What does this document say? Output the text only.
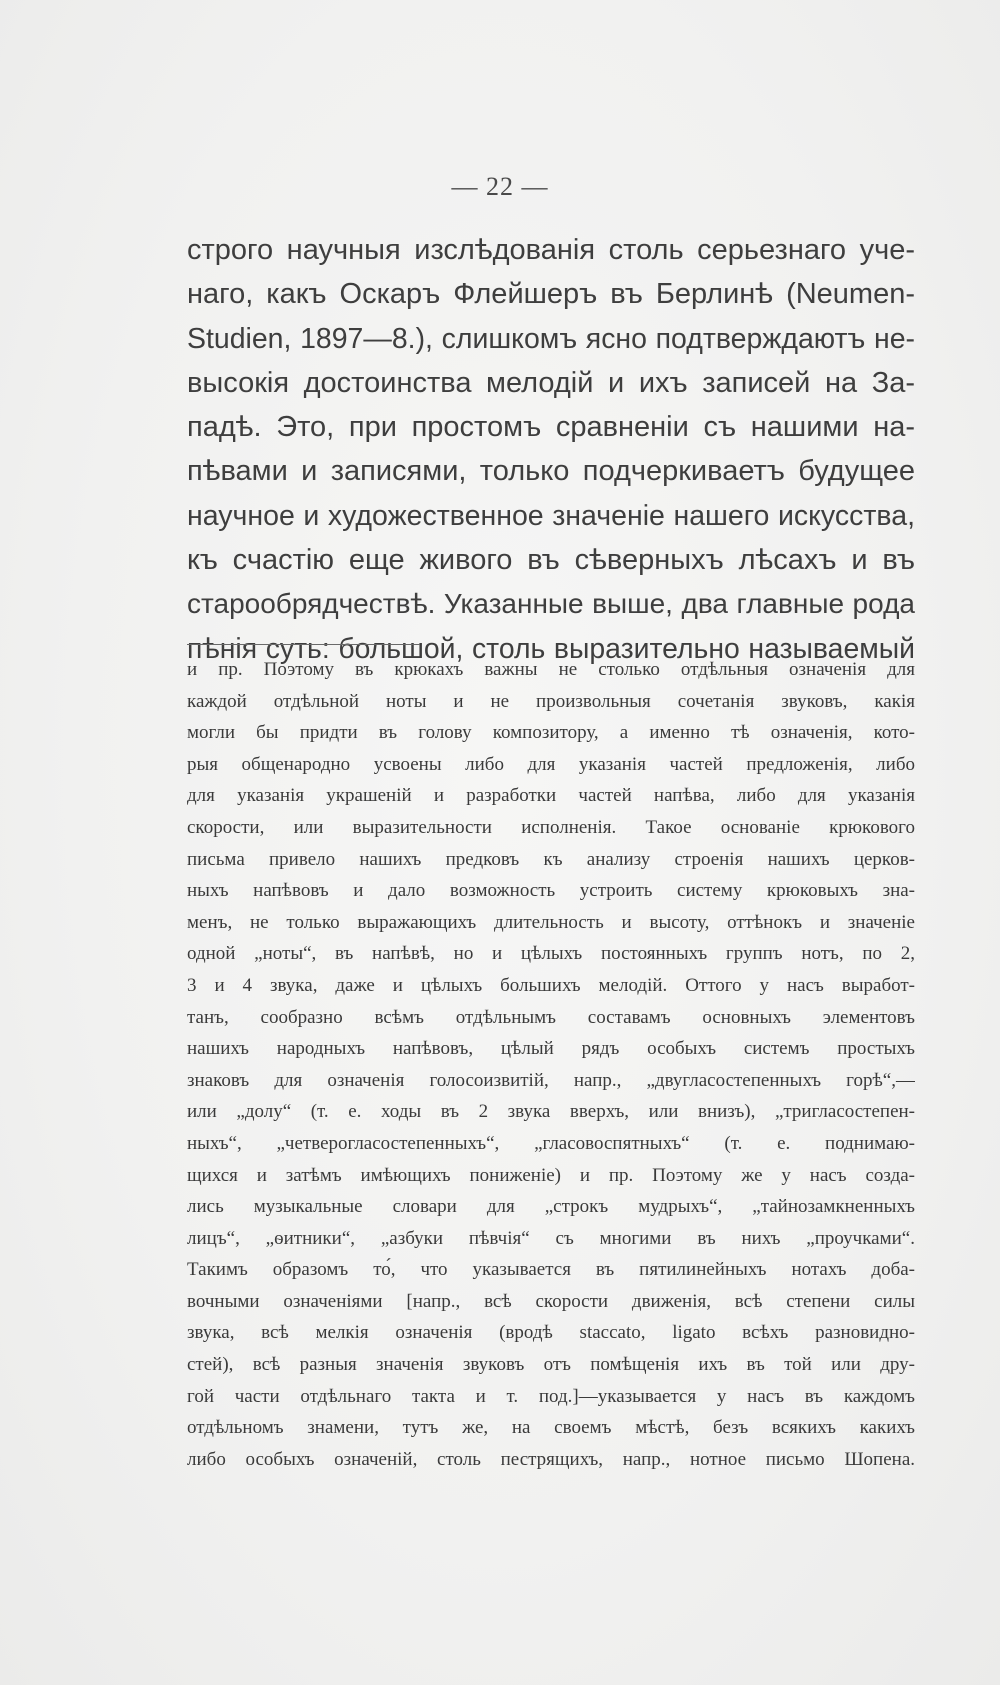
— 22 —
строго научныя изслѣдованія столь серьезнаго уче-
наго, какъ Оскаръ Флейшеръ въ Берлинѣ (Neumen-
Studien, 1897—8.), слишкомъ ясно подтверждаютъ не-
высокія достоинства мелодій и ихъ записей на За-
падѣ. Это, при простомъ сравненіи съ нашими на-
пѣвами и записями, только подчеркиваетъ будущее
научное и художественное значеніе нашего искусства,
къ счастію еще живого въ сѣверныхъ лѣсахъ и въ
старообрядчествѣ. Указанные выше, два главные рода
пѣнія суть: большой, столь выразительно называемый
и пр. Поэтому въ крюкахъ важны не столько отдѣльныя означенія для
каждой отдѣльной ноты и не произвольныя сочетанія звуковъ, какія
могли бы придти въ голову композитору, а именно тѣ означенія, кото-
рыя общенародно усвоены либо для указанія частей предложенія, либо
для указанія украшеній и разработки частей напѣва, либо для указанія
скорости, или выразительности исполненія. Такое основаніе крюкового
письма привело нашихъ предковъ къ анализу строенія нашихъ церков-
ныхъ напѣвовъ и дало возможность устроить систему крюковыхъ зна-
менъ, не только выражающихъ длительность и высоту, оттѣнокъ и значеніе
одной „ноты“, въ напѣвѣ, но и цѣлыхъ постоянныхъ группъ нотъ, по 2,
3 и 4 звука, даже и цѣлыхъ большихъ мелодій. Оттого у насъ выработ-
танъ, сообразно всѣмъ отдѣльнымъ составамъ основныхъ элементовъ
нашихъ народныхъ напѣвовъ, цѣлый рядъ особыхъ системъ простыхъ
знаковъ для означенія голосоизвитій, напр., „двугласостепенныхъ горѣ“,—
или „долу“ (т. е. ходы въ 2 звука вверхъ, или внизъ), „тригласостепен-
ныхъ“, „четверогласостепенныхъ“, „гласовоспятныхъ“ (т. е. поднимаю-
щихся и затѣмъ имѣющихъ пониженіе) и пр. Поэтому же у насъ созда-
лись музыкальные словари для „строкъ мудрыхъ“, „тайнозамкненныхъ
лицъ“, „ѳитники“, „азбуки пѣвчія“ съ многими въ нихъ „проучками“.
Такимъ образомъ то́, что указывается въ пятилинейныхъ нотахъ доба-
вочными означеніями [напр., всѣ скорости движенія, всѣ степени силы
звука, всѣ мелкія означенія (вродѣ staccato, ligato всѣхъ разновидно-
стей), всѣ разныя значенія звуковъ отъ помѣщенія ихъ въ той или дру-
гой части отдѣльнаго такта и т. под.]—указывается у насъ въ каждомъ
отдѣльномъ знамени, тутъ же, на своемъ мѣстѣ, безъ всякихъ какихъ
либо особыхъ означеній, столь пестрящихъ, напр., нотное письмо Шопена.
